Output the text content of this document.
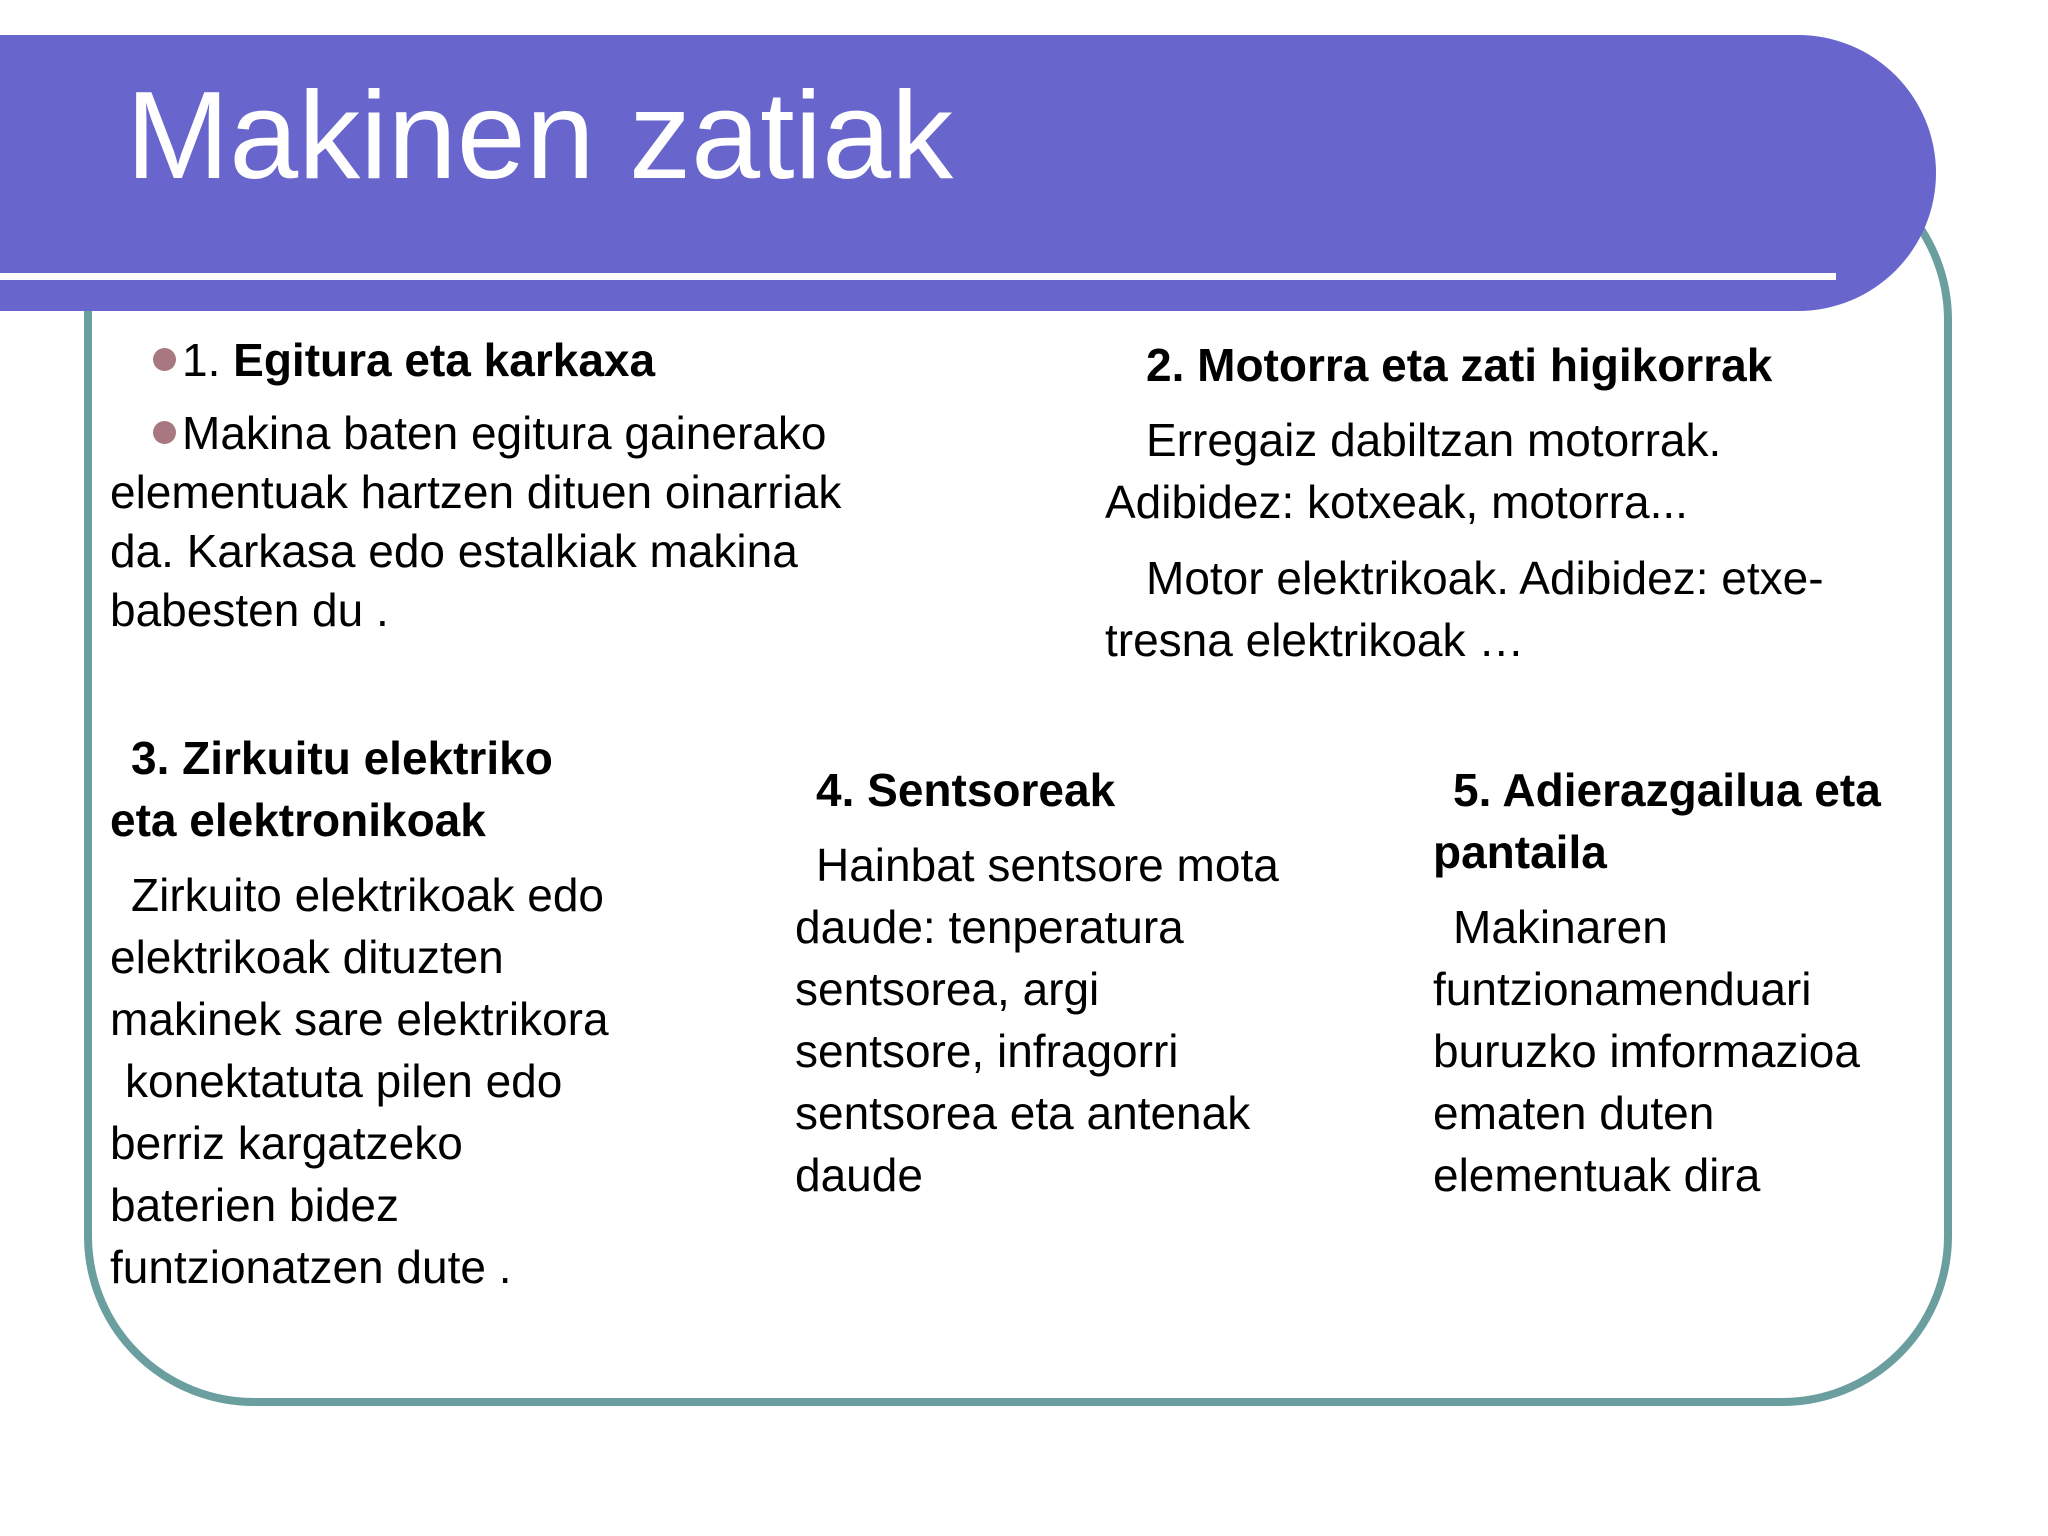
Makinen zatiak

1. Egitura eta karkaxa

Makina baten egitura gainerako

elementuak hartzen dituen oinarriak

da. Karkasa edo estalkiak makina

babesten du .

2. Motorra eta zati higikorrak

Erregaiz dabiltzan motorrak.

Adibidez: kotxeak, motorra...

Motor elektrikoak. Adibidez: etxe-

tresna elektrikoak …

3. Zirkuitu elektriko

eta elektronikoak

Zirkuito elektrikoak edo

elektrikoak dituzten

makinek sare elektrikora

konektatuta pilen edo

berriz kargatzeko

baterien bidez

funtzionatzen dute .

4. Sentsoreak

Hainbat sentsore mota

daude: tenperatura

sentsorea, argi

sentsore, infragorri

sentsorea eta antenak

daude

5. Adierazgailua eta

pantaila

Makinaren

funtzionamenduari

buruzko imformazioa

ematen duten

elementuak dira
